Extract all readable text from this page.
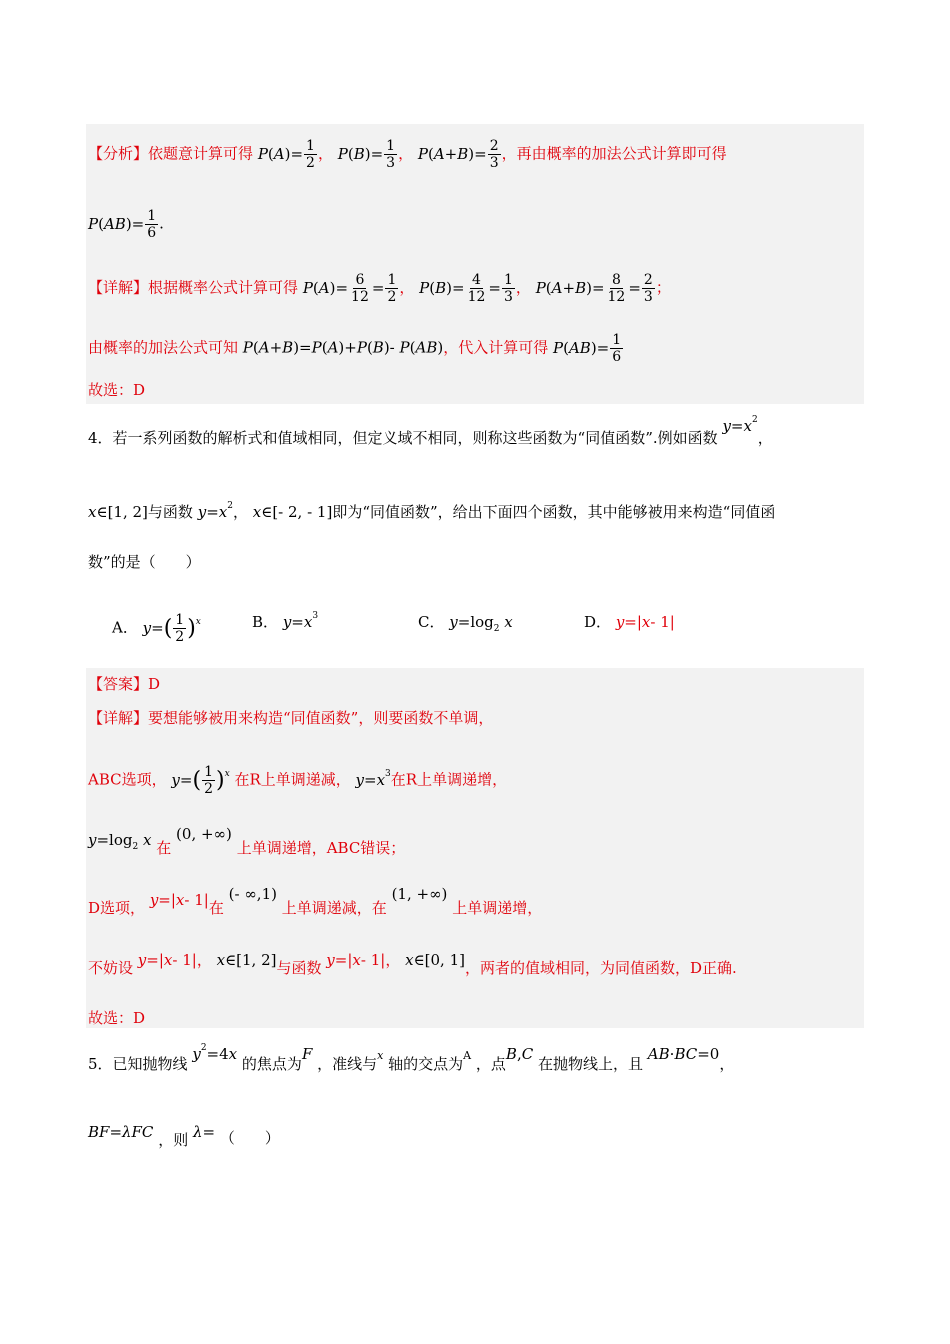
【分析】依题意计算可得 $P(A)= \frac{1}{2}$ ， $P(B)= \frac{1}{3}$ ， $P(A+B)= \frac{2}{3}$ ，再由概率的加法公式计算即可得
$P(AB)= \frac{1}{6}$ .
【详解】根据概率公式计算可得 $P(A)= \frac{6}{12} = \frac{1}{2}$ ， $P(B)= \frac{4}{12} = \frac{1}{3}$ ， $P(A+B)= \frac{8}{12} = \frac{2}{3}$ ；
由概率的加法公式可知 P(A+B)=P(A)+P(B)- P(AB)，代入计算可得 $P(AB)= \frac{1}{6}$
故选：D
4．若一系列函数的解析式和值域相同，但定义域不相同，则称这些函数为“同值函数”.例如函数 $y=x^2$，
x∈[1, 2]与函数 $y=x^2$， x∈[- 2, - 1]即为“同值函数”，给出下面四个函数，其中能够被用来构造“同值函
数”的是（　　）
A． $y=( \frac{1}{2} )^x$	B． $y=x^3$	C． $y=\log_2$ x	D． y=|x- 1|
【答案】D
【详解】要想能够被用来构造“同值函数”，则要函数不单调，
ABC选项， $y=( \frac{1}{2} )^x$ 在R上单调递减， $y=x^3$在R上单调递增，
$y=\log_2$ x 在 (0, +∞) 上单调递增，ABC错误；
D选项， y=|x- 1|在 (- ∞,1) 上单调递减，在 (1, +∞) 上单调递增，
不妨设 y=|x- 1|， x∈[1, 2]与函数 y=|x- 1|， x∈[0, 1]，两者的值域相同，为同值函数，D正确.
故选：D
5．已知抛物线 $y^2=4x$ 的焦点为F ，准线与$^x$ 轴的交点为$^A$ ，点B,C 在抛物线上，且 AB·BC=0，
BF=λFC ，则 λ= （　　）
